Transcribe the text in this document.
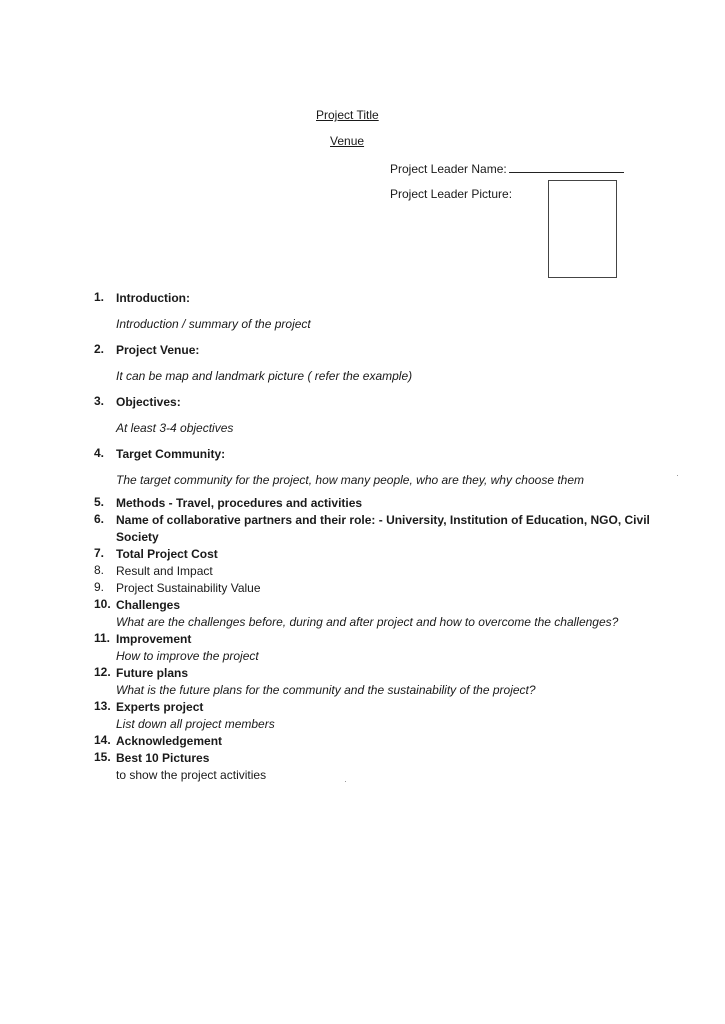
Project Title
Venue
Project Leader Name:
Project Leader Picture:
1. Introduction:
Introduction / summary of the project
2. Project Venue:
It can be map and landmark picture ( refer the example)
3. Objectives:
At least 3-4 objectives
4. Target Community:
The target community for the project, how many people, who are they, why choose them
5. Methods - Travel, procedures and activities
6. Name of collaborative partners and their role: - University, Institution of Education, NGO, Civil Society
7. Total Project Cost
8. Result and Impact
9. Project Sustainability Value
10. Challenges
What are the challenges before, during and after project and how to overcome the challenges?
11. Improvement
How to improve the project
12. Future plans
What is the future plans for the community and the sustainability of the project?
13. Experts project
List down all project members
14. Acknowledgement
15. Best 10 Pictures
to show the project activities
